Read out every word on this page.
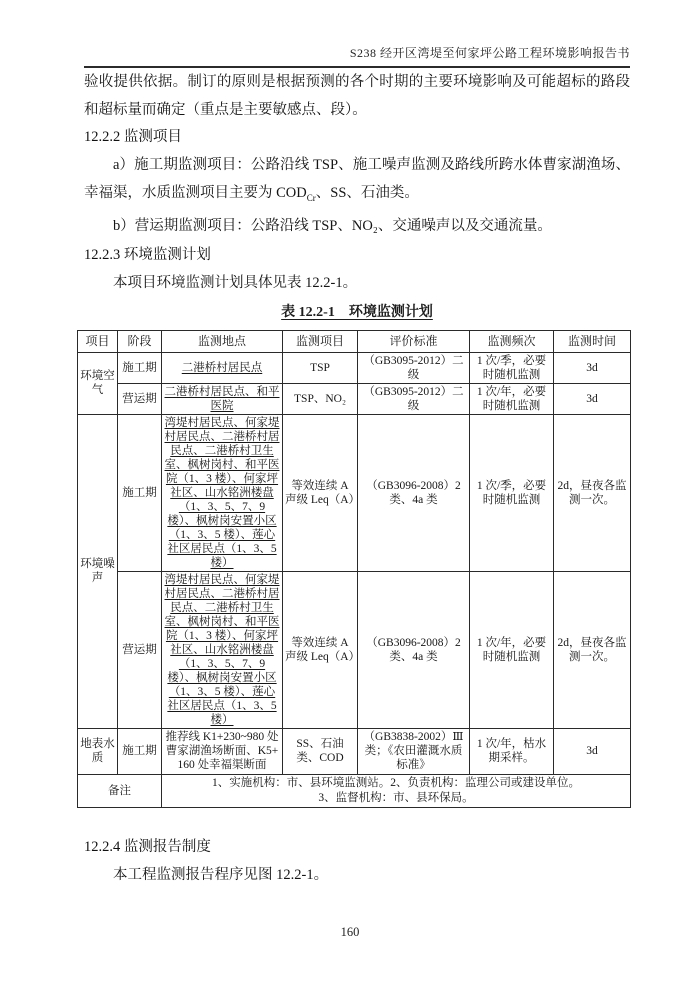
S238 经开区湾堤至何家坪公路工程环境影响报告书

验收提供依据。制订的原则是根据预测的各个时期的主要环境影响及可能超标的路段和超标量而确定（重点是主要敏感点、段）。

12.2.2 监测项目

a）施工期监测项目：公路沿线 TSP、施工噪声监测及路线所跨水体曹家湖渔场、幸福渠，水质监测项目主要为 $COD_{Cr}$、SS、石油类。

b）营运期监测项目：公路沿线 TSP、NO₂、交通噪声以及交通流量。

12.2.3 环境监测计划

本项目环境监测计划具体见表 12.2-1。

表 12.2-1　环境监测计划
项目	阶段	监测地点	监测项目	评价标准	监测频次	监测时间
环境空气	施工期	二港桥村居民点	TSP	（GB3095-2012）二级	1 次/季，必要时随机监测	3d
	营运期	二港桥村居民点、和平医院	TSP、NO₂	（GB3095-2012）二级	1 次/年，必要时随机监测	3d
环境噪声	施工期	湾堤村居民点、何家堤村居民点、二港桥村居民点、二港桥村卫生室、枫树岗村、和平医院（1、3 楼）、何家坪社区、山水铭洲楼盘（1、3、5、7、9 楼）、枫树岗安置小区（1、3、5 楼）、莲心社区居民点（1、3、5 楼）	等效连续 A 声级 Leq（A）	（GB3096-2008）2 类、4a 类	1 次/季，必要时随机监测	2d，昼夜各监测一次。
	营运期	湾堤村居民点、何家堤村居民点、二港桥村居民点、二港桥村卫生室、枫树岗村、和平医院（1、3 楼）、何家坪社区、山水铭洲楼盘（1、3、5、7、9 楼）、枫树岗安置小区（1、3、5 楼）、莲心社区居民点（1、3、5 楼）	等效连续 A 声级 Leq（A）	（GB3096-2008）2 类、4a 类	1 次/年，必要时随机监测	2d，昼夜各监测一次。
地表水质	施工期	推荐线 K1+230~980 处曹家湖渔场断面、K5+160 处幸福渠断面	SS、石油类、COD	（GB3838-2002）Ⅲ类；《农田灌溉水质标准》	1 次/年，枯水期采样。	3d
备注		1、实施机构：市、县环境监测站。2、负责机构：监理公司或建设单位。
3、监督机构：市、县环保局。				
12.2.4 监测报告制度

本工程监测报告程序见图 12.2-1。

160
